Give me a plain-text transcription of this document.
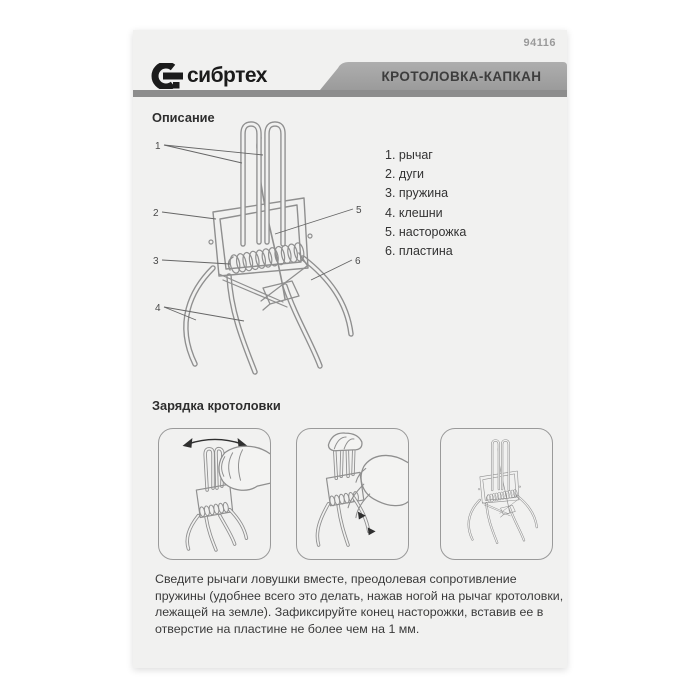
94116
сибртех	КРОТОЛОВКА-КАПКАН
Описание
1
2
3
4
5
6
1. рычаг
2. дуги
3. пружина
4. клешни
5. насторожка
6. пластина
Зарядка кротоловки

Сведите рычаги ловушки вместе, преодолевая сопротивление пружины (удобнее всего это делать, нажав ногой на рычаг кротоловки, лежащей на земле). Зафиксируйте конец насторожки, вставив ее в отверстие на пластине не более чем на 1 мм.
